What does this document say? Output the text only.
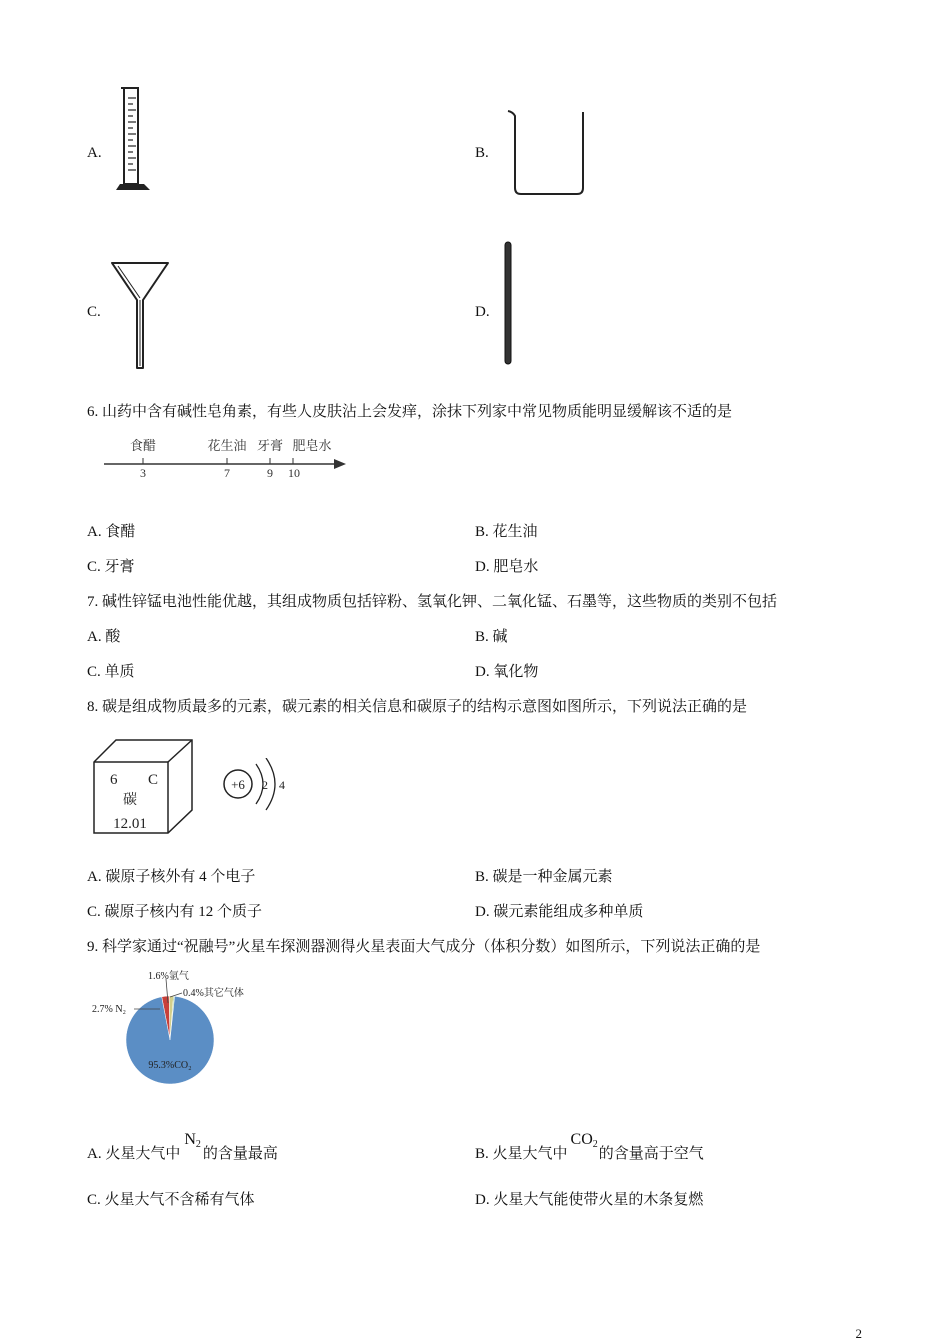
A.	B.
C.	D.
6. 山药中含有碱性皂角素，有些人皮肤沾上会发痒，涂抹下列家中常见物质能明显缓解该不适的是
食醋	花生油 牙膏 肥皂水
3	7	9 10
A. 食醋	B. 花生油
C. 牙膏	D. 肥皂水
7. 碱性锌锰电池性能优越，其组成物质包括锌粉、氢氧化钾、二氧化锰、石墨等，这些物质的类别不包括
A. 酸	B. 碱
C. 单质	D. 氧化物
8. 碳是组成物质最多的元素，碳元素的相关信息和碳原子的结构示意图如图所示，下列说法正确的是
6 C
碳
12.01
+6 2 4
A. 碳原子核外有 4 个电子	B. 碳是一种金属元素
C. 碳原子核内有 12 个质子	D. 碳元素能组成多种单质
9. 科学家通过“祝融号”火星车探测器测得火星表面大气成分（体积分数）如图所示，下列说法正确的是
1.6%氩气
0.4%其它气体
2.7% N₂
95.3%CO₂
A. 火星大气中$N_2$的含量最高	B. 火星大气中$CO_2$的含量高于空气
C. 火星大气不含稀有气体	D. 火星大气能使带火星的木条复燃
2
